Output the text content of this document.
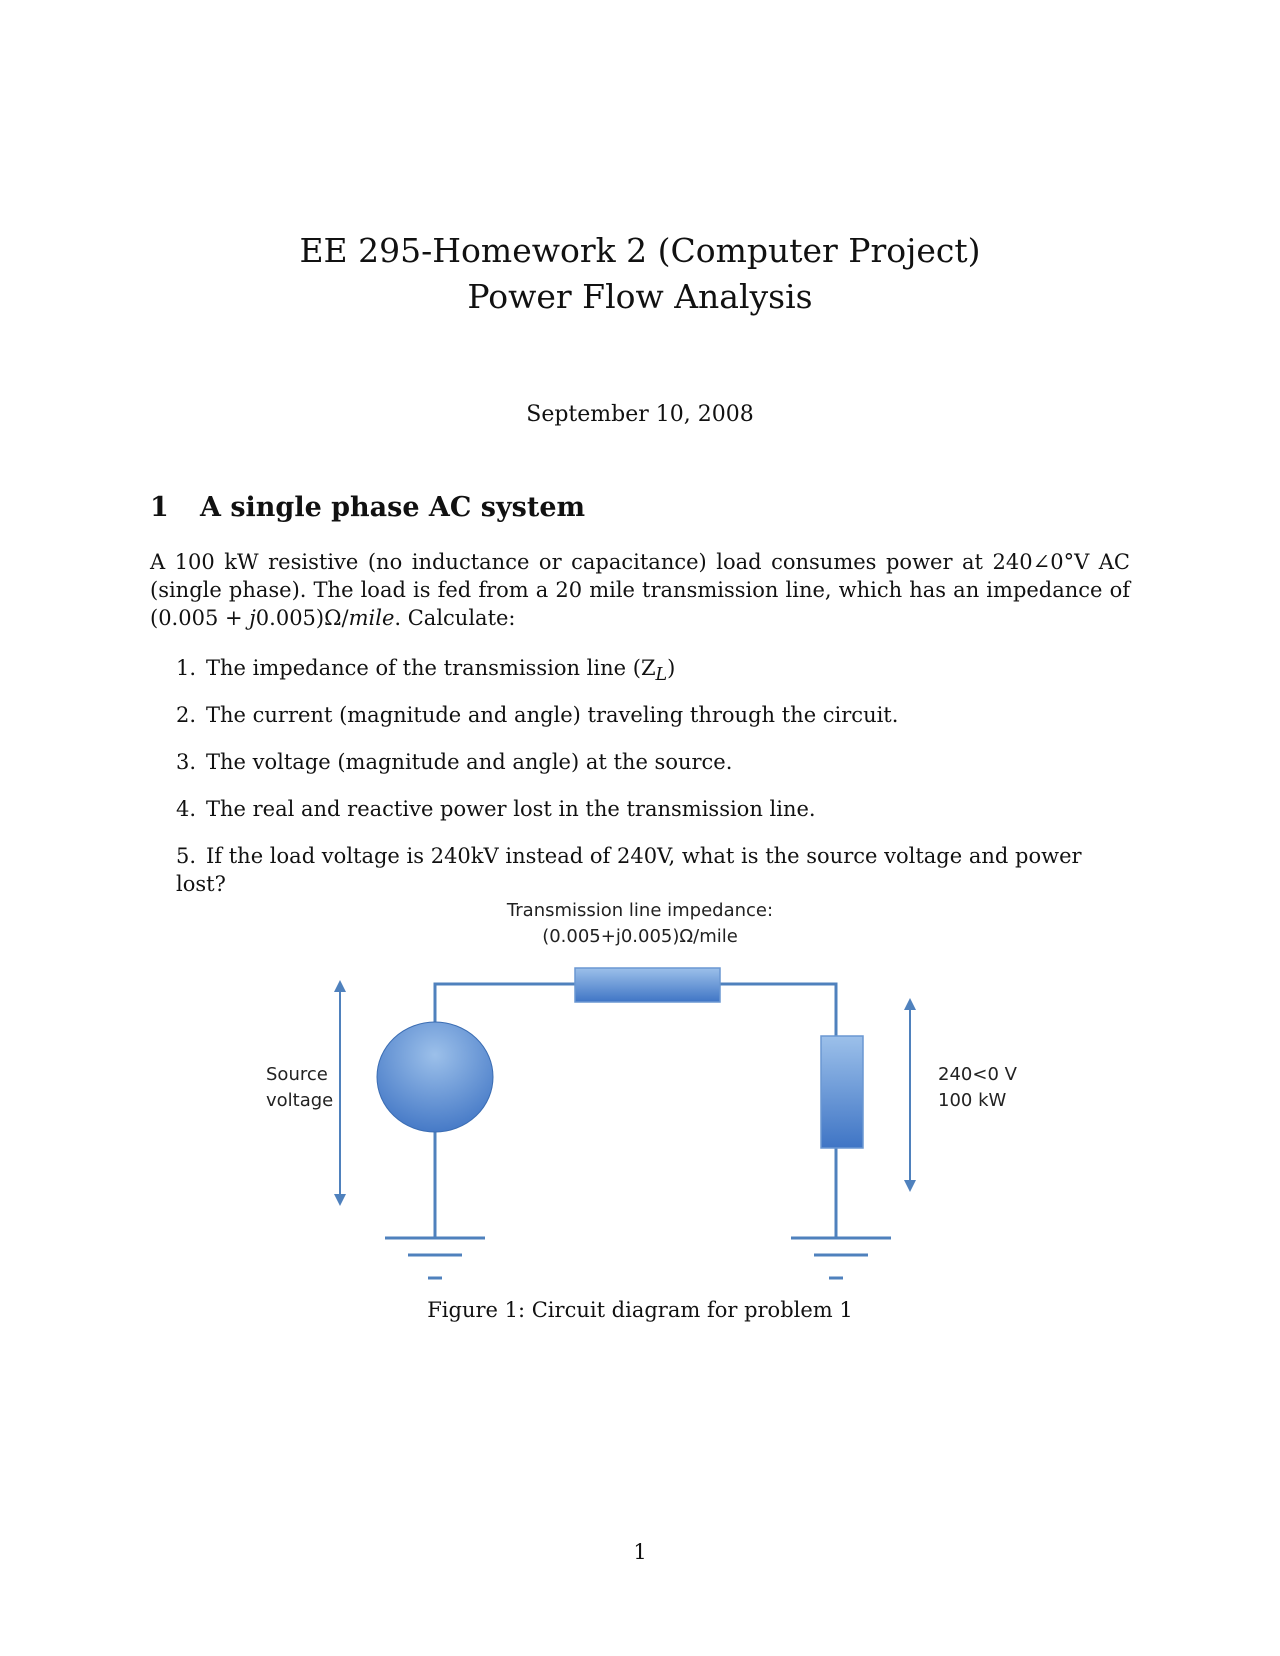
EE 295-Homework 2 (Computer Project)

Power Flow Analysis

September 10, 2008
1 A single phase AC system

A 100 kW resistive (no inductance or capacitance) load consumes power at 240∠0°V AC (single phase). The load is fed from a 20 mile transmission line, which has an impedance of (0.005 + j0.005)Ω/mile. Calculate:

1. The impedance of the transmission line $(Z_L)$
2. The current (magnitude and angle) traveling through the circuit.
3. The voltage (magnitude and angle) at the source.
4. The real and reactive power lost in the transmission line.
5. If the load voltage is 240kV instead of 240V, what is the source voltage and power lost?
Transmission line impedance:
(0.005+j0.005)Ω/mile
Source
voltage
240<0 V
100 kW
Figure 1: Circuit diagram for problem 1
1
